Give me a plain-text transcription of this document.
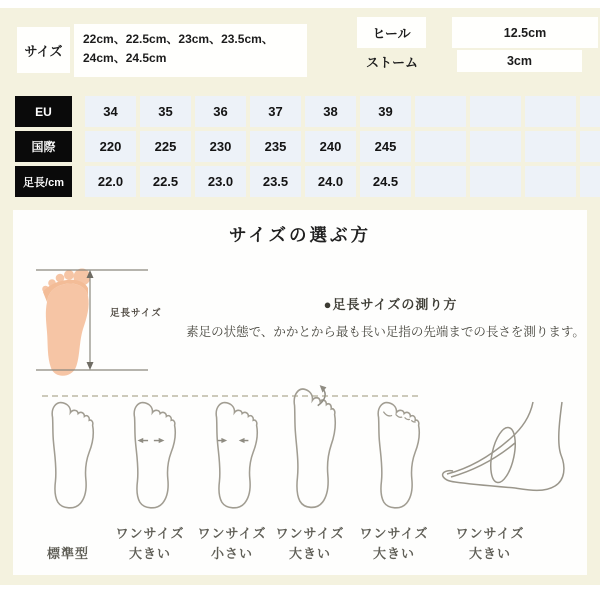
サイズ
22cm、22.5cm、23cm、23.5cm、24cm、24.5cm
ヒール	12.5cm
ストーム	3cm
EU	34	35	36	37	38	39
国際	220	225	230	235	240	245
足長/cm	22.0	22.5	23.0	23.5	24.0	24.5
サイズの選ぶ方
足長サイズ
●足長サイズの測り方
素足の状態で、かかとから最も長い足指の先端までの長さを測ります。
標準型
ワンサイズ
大きい
ワンサイズ
小さい
ワンサイズ
大きい
ワンサイズ
大きい
ワンサイズ
大きい
